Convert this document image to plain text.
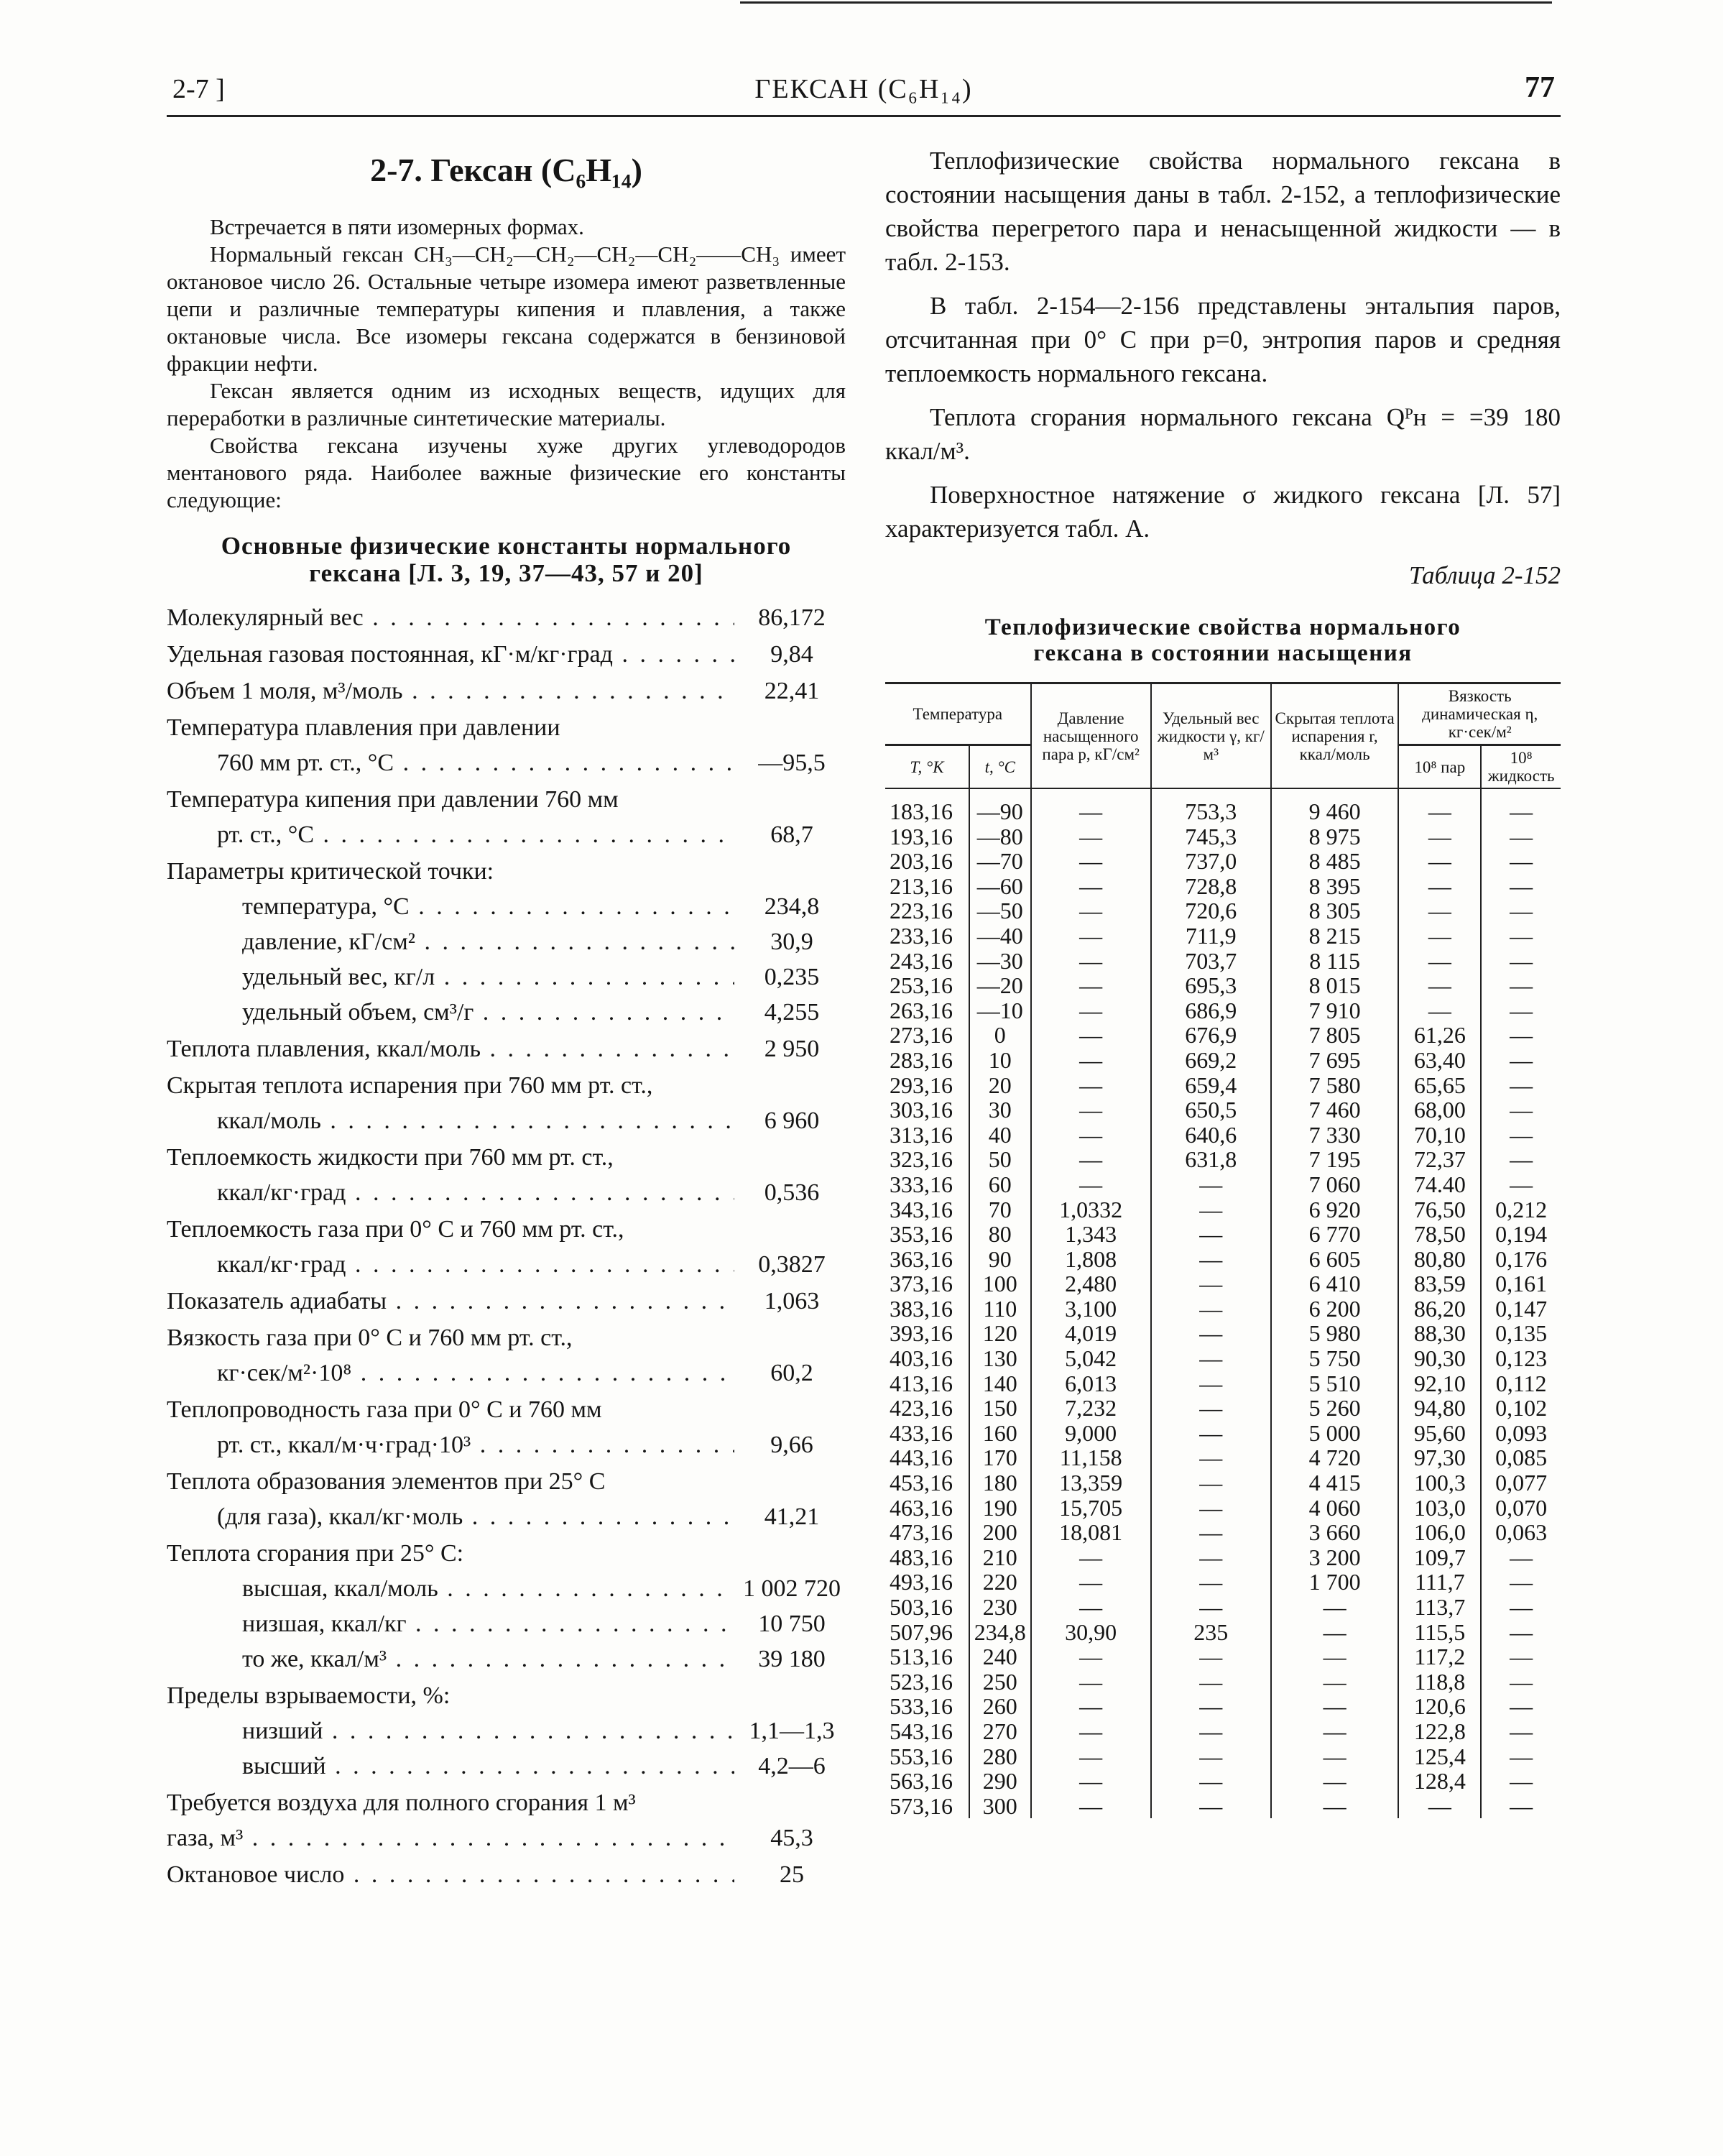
2-7 ]	ГЕКСАН (C₆H₁₄)	77
2-7. Гексан (C₆H₁₄)

Встречается в пяти изомерных формах.

Нормальный гексан CH₃—CH₂—CH₂—CH₂—CH₂——CH₃ имеет октановое число 26. Остальные четыре изомера имеют разветвленные цепи и различные температуры кипения и плавления, а также октановые числа. Все изомеры гексана содержатся в бензиновой фракции нефти.

Гексан является одним из исходных веществ, идущих для переработки в различные синтетические материалы.

Свойства гексана изучены хуже других углеводородов ментанового ряда. Наиболее важные физические его константы следующие:

Основные физические константы нормального
гексана [Л. 3, 19, 37—43, 57 и 20]
Молекулярный вес . . .	86,172
Удельная газовая постоянная, кГ·м/кг·град . . .	9,84
Объем 1 моля, м³/моль . . .	22,41
Температура плавления при давлении
760 мм рт. ст., °С . . .	—95,5
Температура кипения при давлении 760 мм
рт. ст., °С . . .	68,7
Параметры критической точки:
температура, °С . . .	234,8
давление, кГ/см² . . .	30,9
удельный вес, кг/л . . .	0,235
удельный объем, см³/г . . .	4,255
Теплота плавления, ккал/моль . . .	2 950
Скрытая теплота испарения при 760 мм рт. ст.,
ккал/моль . . .	6 960
Теплоемкость жидкости при 760 мм рт. ст.,
ккал/кг·град . . .	0,536
Теплоемкость газа при 0° С и 760 мм рт. ст.,
ккал/кг·град . . .	0,3827
Показатель адиабаты . . .	1,063
Вязкость газа при 0° С и 760 мм рт. ст.,
кг·сек/м²·10⁸ . . .	60,2
Теплопроводность газа при 0° С и 760 мм
рт. ст., ккал/м·ч·град·10³ . . .	9,66
Теплота образования элементов при 25° С
(для газа), ккал/кг·моль . . .	41,21
Теплота сгорания при 25° С:
высшая, ккал/моль . . .	1 002 720
низшая, ккал/кг . . .	10 750
то же, ккал/м³ . . .	39 180
Пределы взрываемости, %:
низший . . .	1,1—1,3
высший . . .	4,2—6
Требуется воздуха для полного сгорания 1 м³
газа, м³ . . .	45,3
Октановое число . . .	25

Теплофизические свойства нормального гексана в состоянии насыщения даны в табл. 2-152, а теплофизические свойства перегретого пара и ненасыщенной жидкости — в табл. 2-153.

В табл. 2-154—2-156 представлены энтальпия паров, отсчитанная при 0° С при p=0, энтропия паров и средняя теплоемкость нормального гексана.

Теплота сгорания нормального гексана Qᴾн = =39 180 ккал/м³.

Поверхностное натяжение σ жидкого гексана [Л. 57] характеризуется табл. А.

Таблица 2-152
Теплофизические свойства нормального
гексана в состоянии насыщения
Температура		Давление насыщенного пара p, кГ/см²	Удельный вес жидкости γ, кг/м³	Скрытая теплота испарения r, ккал/моль	Вязкость динамическая η, кг·сек/м²	
T, °K	t, °C				10⁸ пар	10⁸ жидкость
183,16	—90	—	753,3	9 460	—	—
193,16	—80	—	745,3	8 975	—	—
203,16	—70	—	737,0	8 485	—	—
213,16	—60	—	728,8	8 395	—	—
223,16	—50	—	720,6	8 305	—	—
233,16	—40	—	711,9	8 215	—	—
243,16	—30	—	703,7	8 115	—	—
253,16	—20	—	695,3	8 015	—	—
263,16	—10	—	686,9	7 910	—	—
273,16	0	—	676,9	7 805	61,26	—
283,16	10	—	669,2	7 695	63,40	—
293,16	20	—	659,4	7 580	65,65	—
303,16	30	—	650,5	7 460	68,00	—
313,16	40	—	640,6	7 330	70,10	—
323,16	50	—	631,8	7 195	72,37	—
333,16	60	—	—	7 060	74.40	—
343,16	70	1,0332	—	6 920	76,50	0,212
353,16	80	1,343	—	6 770	78,50	0,194
363,16	90	1,808	—	6 605	80,80	0,176
373,16	100	2,480	—	6 410	83,59	0,161
383,16	110	3,100	—	6 200	86,20	0,147
393,16	120	4,019	—	5 980	88,30	0,135
403,16	130	5,042	—	5 750	90,30	0,123
413,16	140	6,013	—	5 510	92,10	0,112
423,16	150	7,232	—	5 260	94,80	0,102
433,16	160	9,000	—	5 000	95,60	0,093
443,16	170	11,158	—	4 720	97,30	0,085
453,16	180	13,359	—	4 415	100,3	0,077
463,16	190	15,705	—	4 060	103,0	0,070
473,16	200	18,081	—	3 660	106,0	0,063
483,16	210	—	—	3 200	109,7	—
493,16	220	—	—	1 700	111,7	—
503,16	230	—	—	—	113,7	—
507,96	234,8	30,90	235	—	115,5	—
513,16	240	—	—	—	117,2	—
523,16	250	—	—	—	118,8	—
533,16	260	—	—	—	120,6	—
543,16	270	—	—	—	122,8	—
553,16	280	—	—	—	125,4	—
563,16	290	—	—	—	128,4	—
573,16	300	—	—	—	—	—
